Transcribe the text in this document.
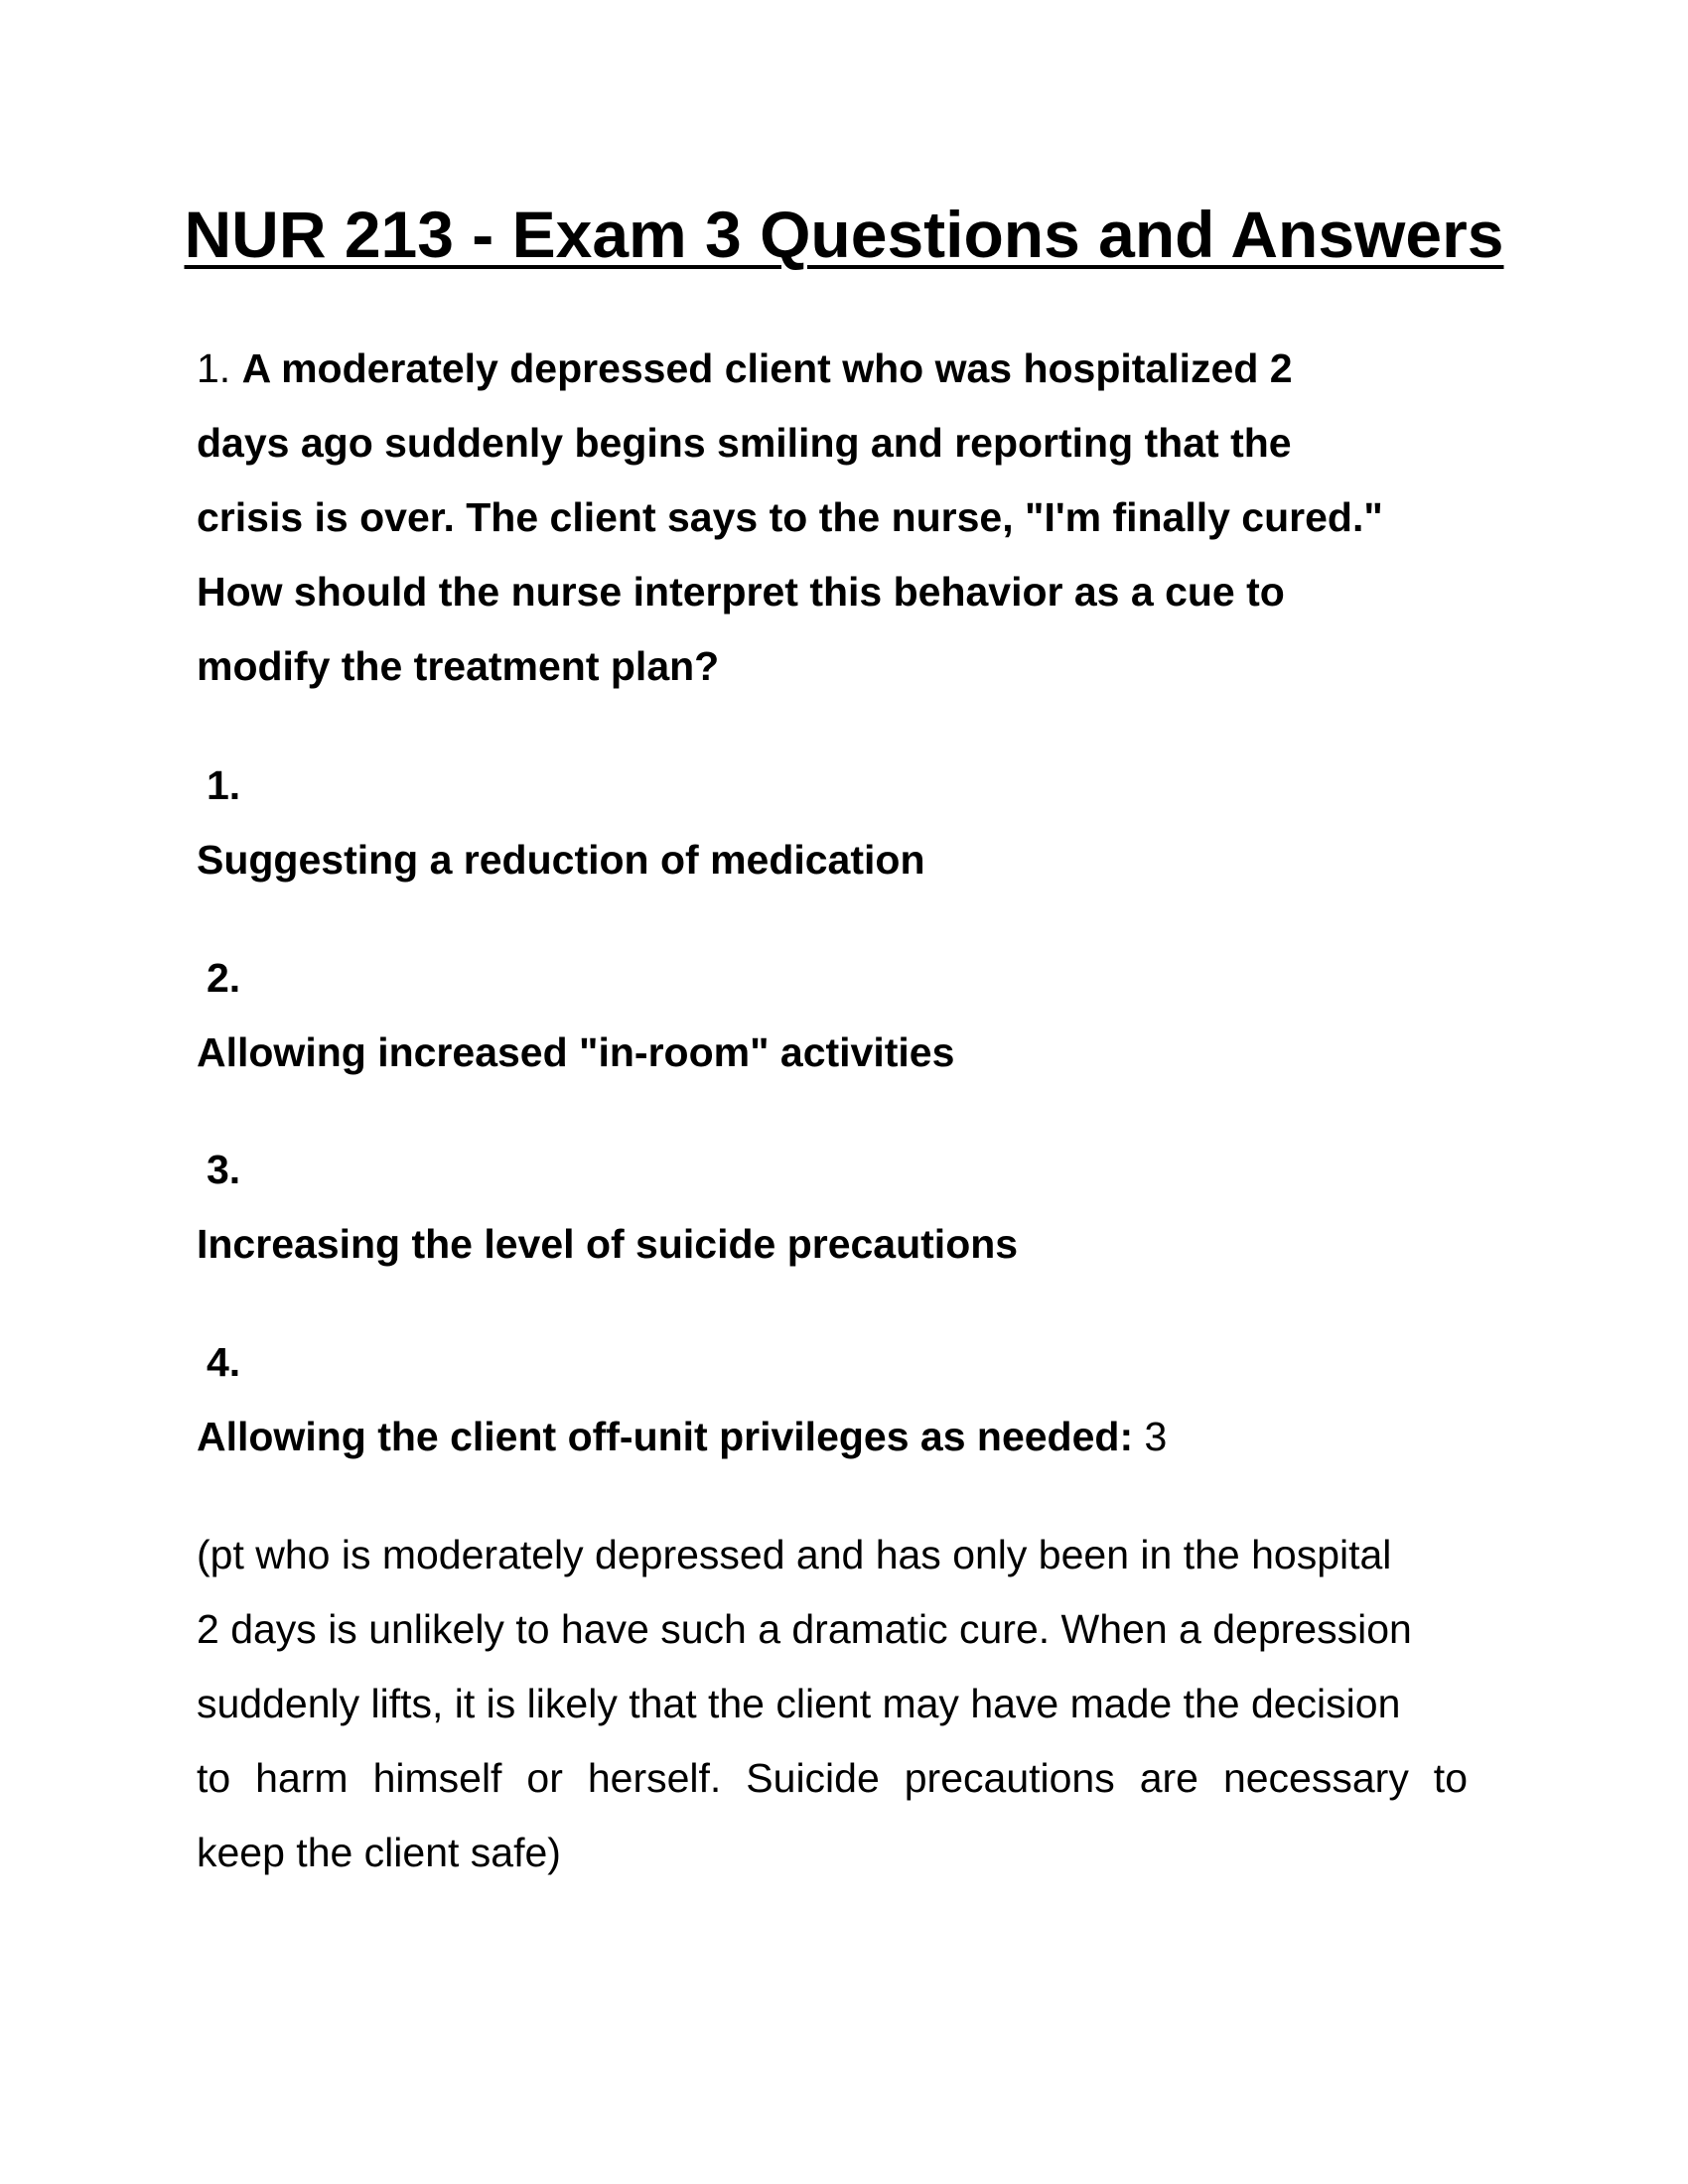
NUR 213 - Exam 3 Questions and Answers
1. A moderately depressed client who was hospitalized 2
days ago suddenly begins smiling and reporting that the
crisis is over. The client says to the nurse, "I'm finally cured."
How should the nurse interpret this behavior as a cue to
modify the treatment plan?
1.
Suggesting a reduction of medication
2.
Allowing increased "in-room" activities
3.
Increasing the level of suicide precautions
4.
Allowing the client off-unit privileges as needed: 3
(pt who is moderately depressed and has only been in the hospital
2 days is unlikely to have such a dramatic cure. When a depression
suddenly lifts, it is likely that the client may have made the decision
to harm himself or herself. Suicide precautions are necessary to
keep the client safe)
